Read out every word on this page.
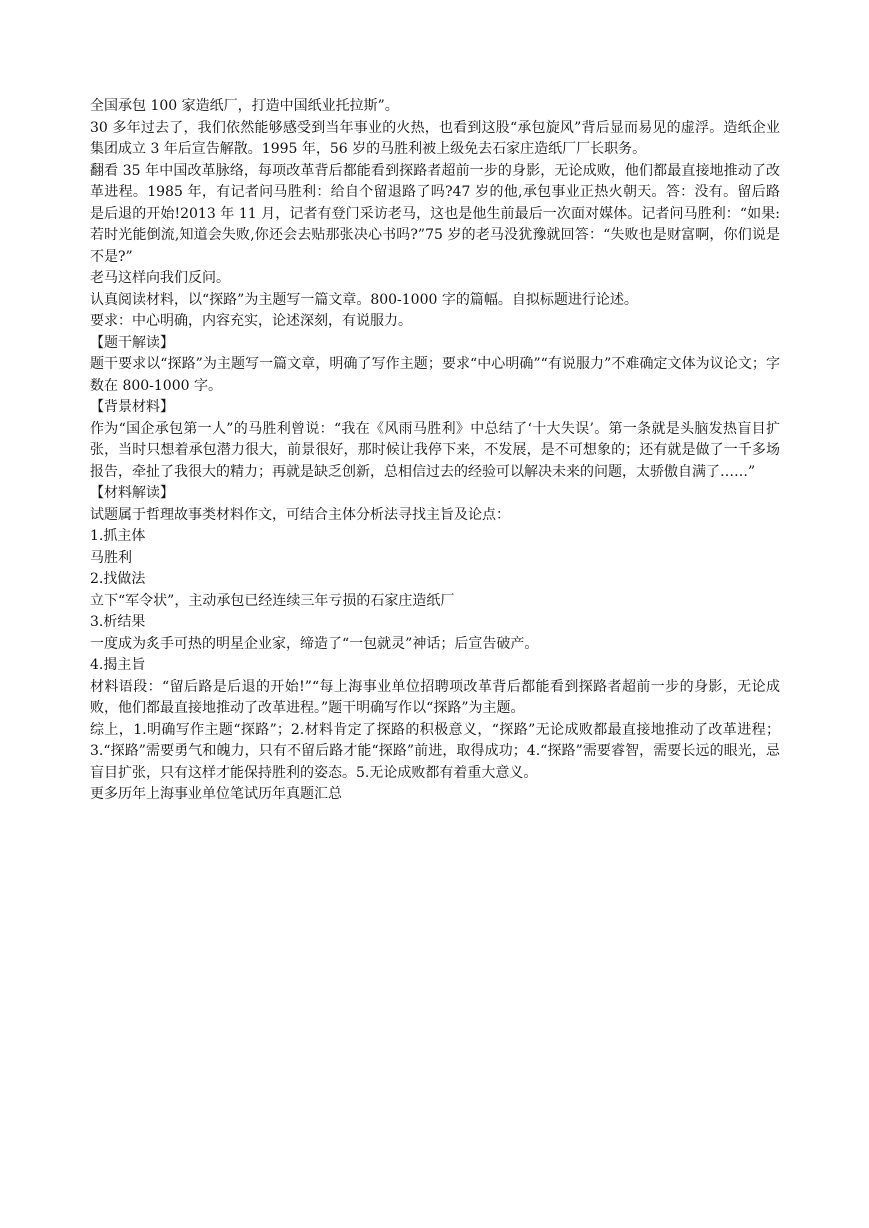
全国承包 100 家造纸厂，打造中国纸业托拉斯”。

30 多年过去了，我们依然能够感受到当年事业的火热，也看到这股“承包旋风”背后显而易见的虚浮。造纸企业集团成立 3 年后宣告解散。1995 年，56 岁的马胜利被上级免去石家庄造纸厂厂长职务。

翻看 35 年中国改革脉络，每项改革背后都能看到探路者超前一步的身影，无论成败，他们都最直接地推动了改革进程。1985 年，有记者问马胜利：给自个留退路了吗?47 岁的他,承包事业正热火朝天。答：没有。留后路是后退的开始!2013 年 11 月，记者有登门采访老马，这也是他生前最后一次面对媒体。记者问马胜利：“如果:若时光能倒流,知道会失败,你还会去贴那张决心书吗?”75 岁的老马没犹豫就回答：“失败也是财富啊，你们说是不是?”

老马这样向我们反问。

认真阅读材料，以“探路”为主题写一篇文章。800-1000 字的篇幅。自拟标题进行论述。

要求：中心明确，内容充实，论述深刻，有说服力。

【题干解读】

题干要求以“探路”为主题写一篇文章，明确了写作主题；要求“中心明确”“有说服力”不难确定文体为议论文；字数在 800-1000 字。

【背景材料】

作为“国企承包第一人”的马胜利曾说：“我在《风雨马胜利》中总结了‘十大失误’。第一条就是头脑发热盲目扩张，当时只想着承包潜力很大，前景很好，那时候让我停下来，不发展，是不可想象的；还有就是做了一千多场报告，牵扯了我很大的精力；再就是缺乏创新，总相信过去的经验可以解决未来的问题，太骄傲自满了……”

【材料解读】

试题属于哲理故事类材料作文，可结合主体分析法寻找主旨及论点：

1.抓主体

马胜利

2.找做法

立下“军令状”，主动承包已经连续三年亏损的石家庄造纸厂

3.析结果

一度成为炙手可热的明星企业家，缔造了“一包就灵”神话；后宣告破产。

4.揭主旨

材料语段：“留后路是后退的开始!”“每上海事业单位招聘项改革背后都能看到探路者超前一步的身影，无论成败，他们都最直接地推动了改革进程。”题干明确写作以“探路”为主题。

综上，1.明确写作主题“探路”；2.材料肯定了探路的积极意义，“探路”无论成败都最直接地推动了改革进程；3.“探路”需要勇气和魄力，只有不留后路才能“探路”前进，取得成功；4.“探路”需要睿智，需要长远的眼光，忌盲目扩张，只有这样才能保持胜利的姿态。5.无论成败都有着重大意义。

更多历年上海事业单位笔试历年真题汇总
